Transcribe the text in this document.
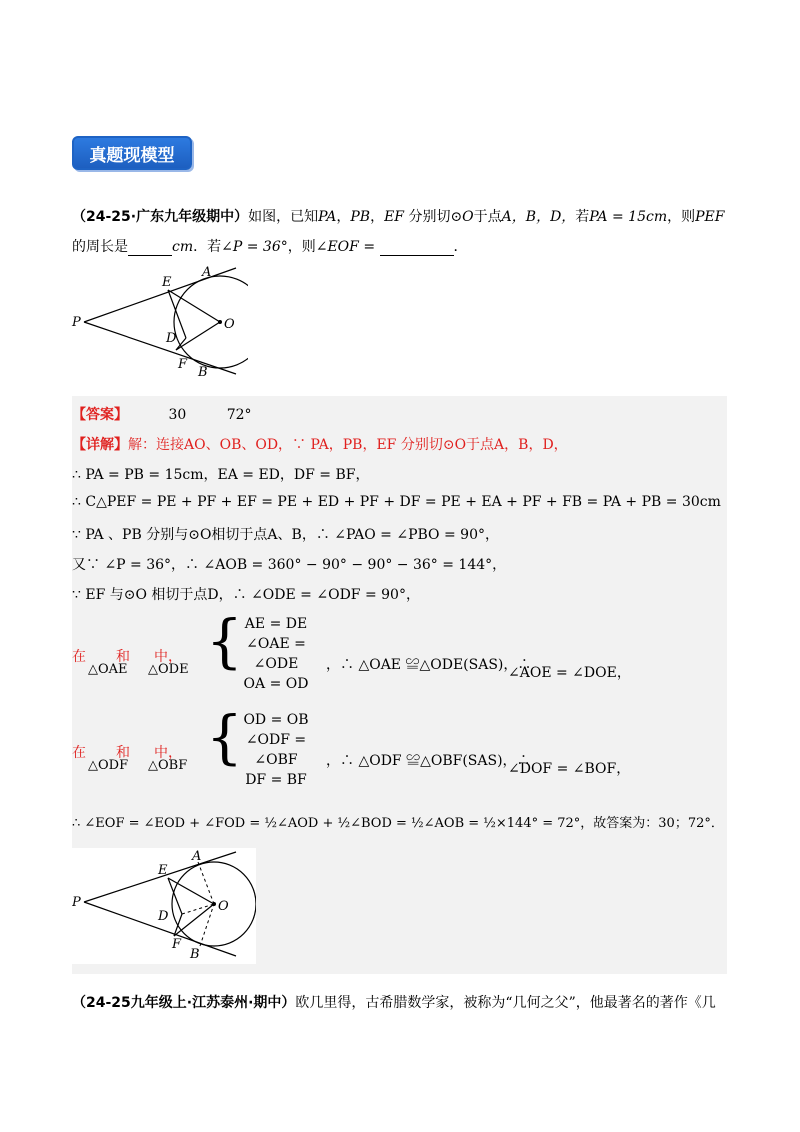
真题现模型
（24-25·广东九年级期中）如图，已知PA，PB，EF 分别切⊙O于点A，B，D，若PA = 15cm，则PEF
的周长是	cm．若∠P = 36°，则∠EOF =	．
P
E
A
D
O
F
B
【答案】	30	72°
【详解】解：连接AO、OB、OD，∵ PA，PB，EF 分别切⊙O于点A，B，D，
∴ PA = PB = 15cm，EA = ED，DF = BF，
∴ C△PEF = PE + PF + EF = PE + ED + PF + DF = PE + EA + PF + FB = PA + PB = 30cm
∵ PA 、PB 分别与⊙O相切于点A、B，∴ ∠PAO = ∠PBO = 90°，
又∵ ∠P = 36°，∴ ∠AOB = 360° − 90° − 90° − 36° = 144°，
∵ EF 与⊙O 相切于点D，∴ ∠ODE = ∠ODF = 90°，
在 和 中，
△OAE △ODE { AE = DE
∠OAE = ∠ODE
OA = OD
，∴ △OAE ≌△ODE(SAS)，∴
∠AOE = ∠DOE，
在 和 中，
△ODF △OBF { OD = OB
∠ODF = ∠OBF
DF = BF
，∴ △ODF ≌△OBF(SAS)，∴
∠DOF = ∠BOF，
∴ ∠EOF = ∠EOD + ∠FOD = ½∠AOD + ½∠BOD = ½∠AOB = ½×144° = 72°，故答案为：30；72°．
P
E
A
D
O
F
B
（24-25九年级上·江苏泰州·期中）欧几里得，古希腊数学家，被称为“几何之父”，他最著名的著作《几
